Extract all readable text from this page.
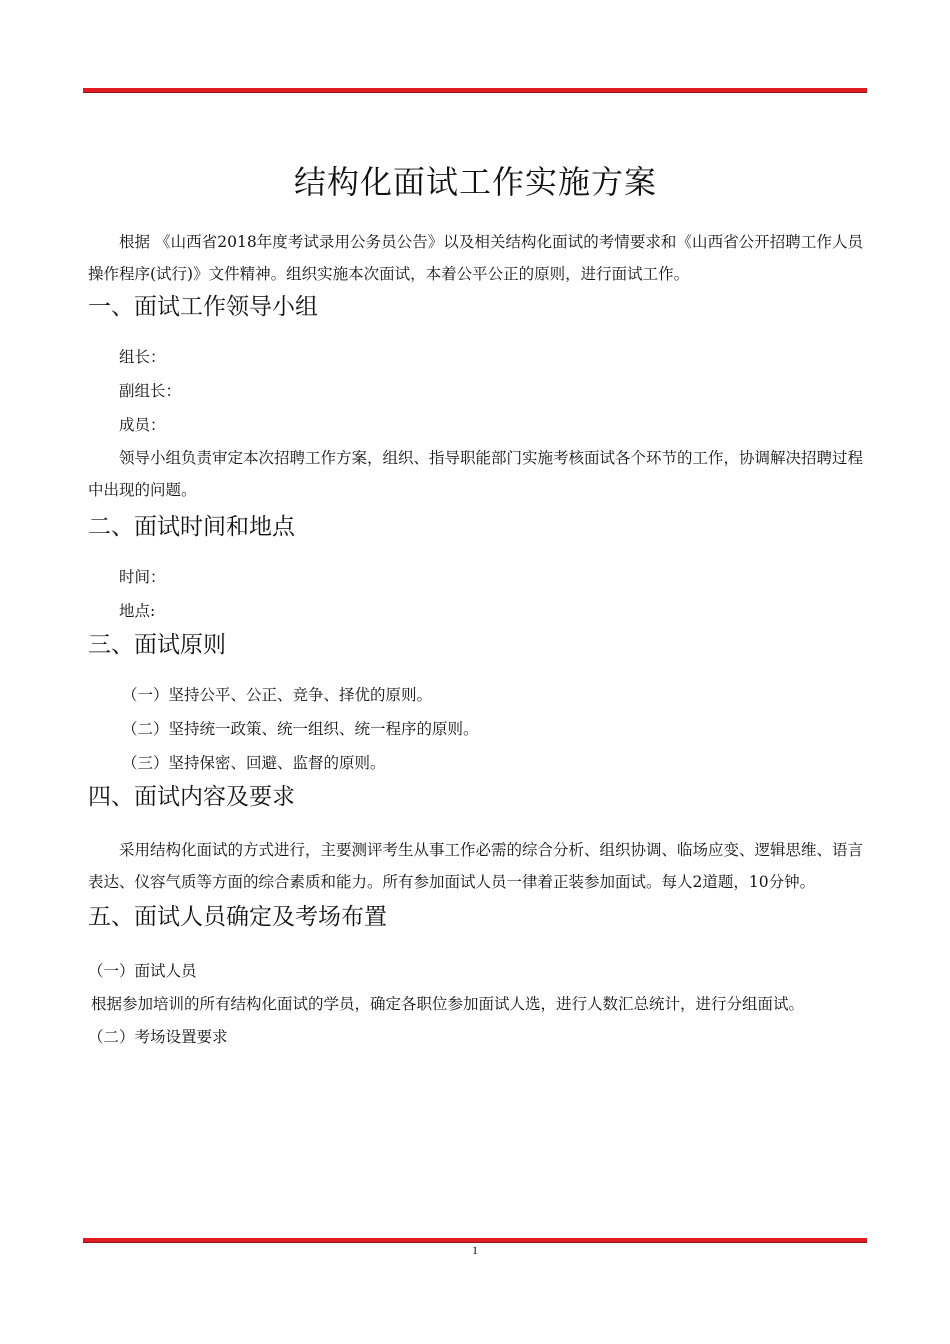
结构化面试工作实施方案

根据 《山西省2018年度考试录用公务员公告》以及相关结构化面试的考情要求和《山西省公开招聘工作人员操作程序(试行)》文件精神。组织实施本次面试，本着公平公正的原则，进行面试工作。

一、面试工作领导小组

组长：

副组长：

成员：

领导小组负责审定本次招聘工作方案，组织、指导职能部门实施考核面试各个环节的工作，协调解决招聘过程中出现的问题。

二、面试时间和地点

时间：

地点:

三、面试原则

（一）坚持公平、公正、竞争、择优的原则。

（二）坚持统一政策、统一组织、统一程序的原则。

（三）坚持保密、回避、监督的原则。

四、面试内容及要求

采用结构化面试的方式进行，主要测评考生从事工作必需的综合分析、组织协调、临场应变、逻辑思维、语言表达、仪容气质等方面的综合素质和能力。所有参加面试人员一律着正装参加面试。每人2道题，10分钟。

五、面试人员确定及考场布置

（一）面试人员

根据参加培训的所有结构化面试的学员，确定各职位参加面试人选，进行人数汇总统计，进行分组面试。

（二）考场设置要求

1
